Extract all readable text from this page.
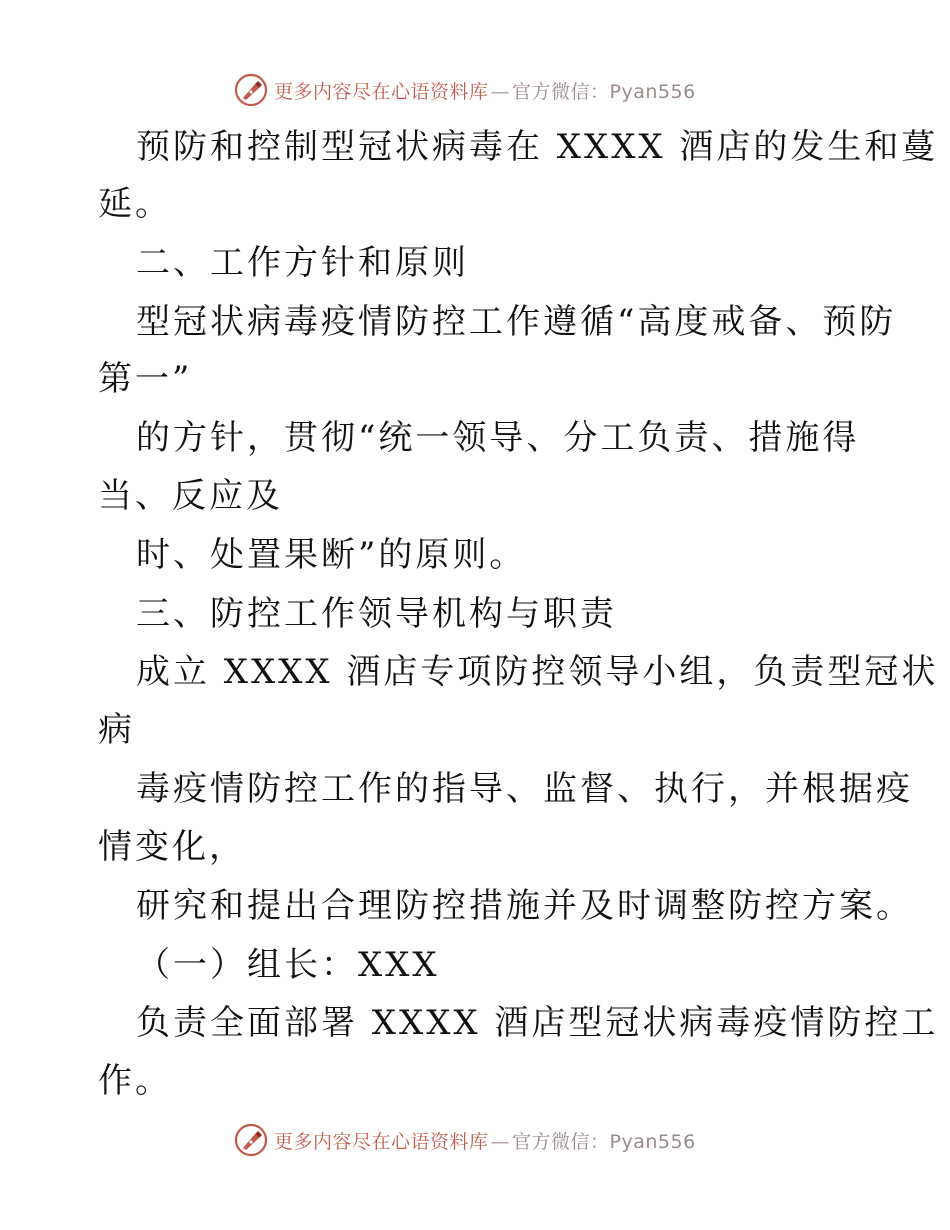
更多内容尽在心语资料库 — 官方微信：Pyan556
预防和控制型冠状病毒在 XXXX 酒店的发生和蔓
延。
二、工作方针和原则
型冠状病毒疫情防控工作遵循“高度戒备、预防
第一”
的方针，贯彻“统一领导、分工负责、措施得
当、反应及
时、处置果断”的原则。
三、防控工作领导机构与职责
成立 XXXX 酒店专项防控领导小组，负责型冠状
病
毒疫情防控工作的指导、监督、执行，并根据疫
情变化，
研究和提出合理防控措施并及时调整防控方案。
（一）组长：XXX
负责全面部署 XXXX 酒店型冠状病毒疫情防控工
作。
更多内容尽在心语资料库 — 官方微信：Pyan556
